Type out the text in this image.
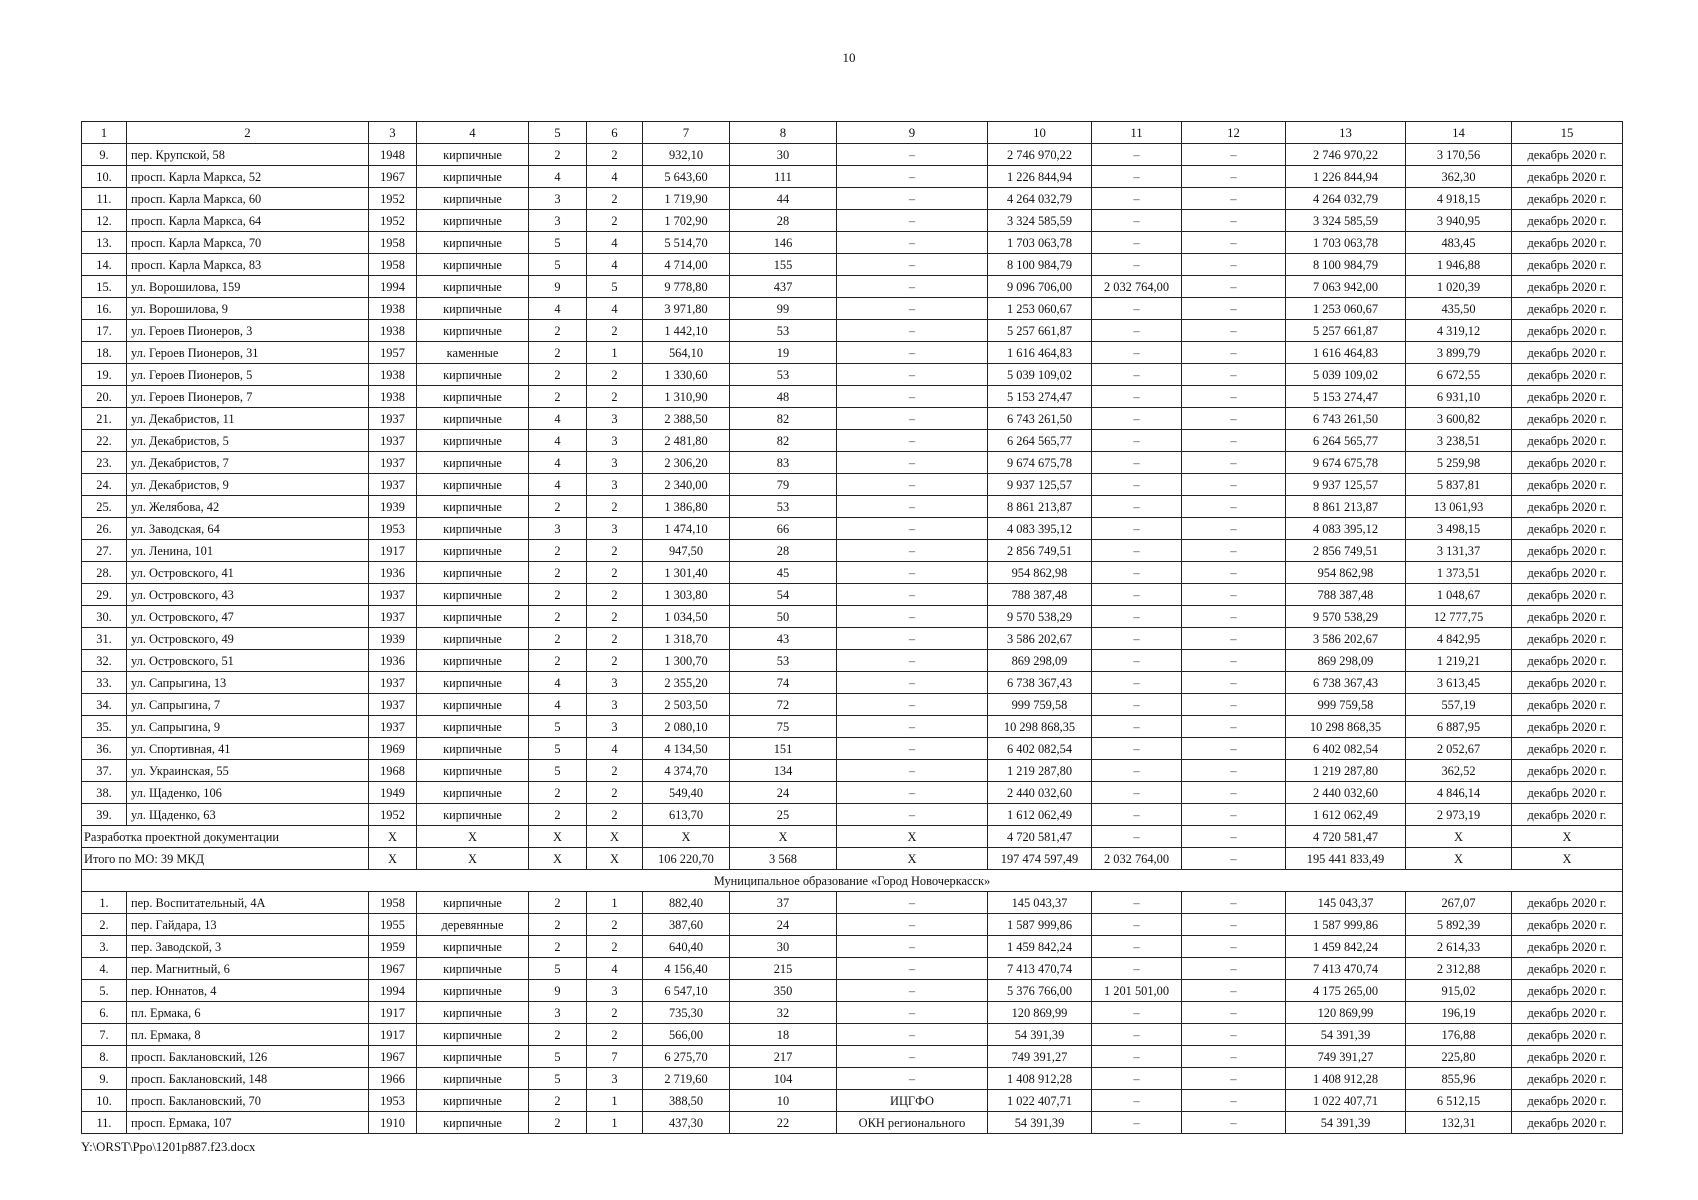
10
1	2	3	4	5	6	7	8	9	10	11	12	13	14	15
9.	пер. Крупской, 58	1948	кирпичные	2	2	932,10	30	–	2 746 970,22	–	–	2 746 970,22	3 170,56	декабрь 2020 г.
10.	просп. Карла Маркса, 52	1967	кирпичные	4	4	5 643,60	111	–	1 226 844,94	–	–	1 226 844,94	362,30	декабрь 2020 г.
11.	просп. Карла Маркса, 60	1952	кирпичные	3	2	1 719,90	44	–	4 264 032,79	–	–	4 264 032,79	4 918,15	декабрь 2020 г.
12.	просп. Карла Маркса, 64	1952	кирпичные	3	2	1 702,90	28	–	3 324 585,59	–	–	3 324 585,59	3 940,95	декабрь 2020 г.
13.	просп. Карла Маркса, 70	1958	кирпичные	5	4	5 514,70	146	–	1 703 063,78	–	–	1 703 063,78	483,45	декабрь 2020 г.
14.	просп. Карла Маркса, 83	1958	кирпичные	5	4	4 714,00	155	–	8 100 984,79	–	–	8 100 984,79	1 946,88	декабрь 2020 г.
15.	ул. Ворошилова, 159	1994	кирпичные	9	5	9 778,80	437	–	9 096 706,00	2 032 764,00	–	7 063 942,00	1 020,39	декабрь 2020 г.
16.	ул. Ворошилова, 9	1938	кирпичные	4	4	3 971,80	99	–	1 253 060,67	–	–	1 253 060,67	435,50	декабрь 2020 г.
17.	ул. Героев Пионеров, 3	1938	кирпичные	2	2	1 442,10	53	–	5 257 661,87	–	–	5 257 661,87	4 319,12	декабрь 2020 г.
18.	ул. Героев Пионеров, 31	1957	каменные	2	1	564,10	19	–	1 616 464,83	–	–	1 616 464,83	3 899,79	декабрь 2020 г.
19.	ул. Героев Пионеров, 5	1938	кирпичные	2	2	1 330,60	53	–	5 039 109,02	–	–	5 039 109,02	6 672,55	декабрь 2020 г.
20.	ул. Героев Пионеров, 7	1938	кирпичные	2	2	1 310,90	48	–	5 153 274,47	–	–	5 153 274,47	6 931,10	декабрь 2020 г.
21.	ул. Декабристов, 11	1937	кирпичные	4	3	2 388,50	82	–	6 743 261,50	–	–	6 743 261,50	3 600,82	декабрь 2020 г.
22.	ул. Декабристов, 5	1937	кирпичные	4	3	2 481,80	82	–	6 264 565,77	–	–	6 264 565,77	3 238,51	декабрь 2020 г.
23.	ул. Декабристов, 7	1937	кирпичные	4	3	2 306,20	83	–	9 674 675,78	–	–	9 674 675,78	5 259,98	декабрь 2020 г.
24.	ул. Декабристов, 9	1937	кирпичные	4	3	2 340,00	79	–	9 937 125,57	–	–	9 937 125,57	5 837,81	декабрь 2020 г.
25.	ул. Желябова, 42	1939	кирпичные	2	2	1 386,80	53	–	8 861 213,87	–	–	8 861 213,87	13 061,93	декабрь 2020 г.
26.	ул. Заводская, 64	1953	кирпичные	3	3	1 474,10	66	–	4 083 395,12	–	–	4 083 395,12	3 498,15	декабрь 2020 г.
27.	ул. Ленина, 101	1917	кирпичные	2	2	947,50	28	–	2 856 749,51	–	–	2 856 749,51	3 131,37	декабрь 2020 г.
28.	ул. Островского, 41	1936	кирпичные	2	2	1 301,40	45	–	954 862,98	–	–	954 862,98	1 373,51	декабрь 2020 г.
29.	ул. Островского, 43	1937	кирпичные	2	2	1 303,80	54	–	788 387,48	–	–	788 387,48	1 048,67	декабрь 2020 г.
30.	ул. Островского, 47	1937	кирпичные	2	2	1 034,50	50	–	9 570 538,29	–	–	9 570 538,29	12 777,75	декабрь 2020 г.
31.	ул. Островского, 49	1939	кирпичные	2	2	1 318,70	43	–	3 586 202,67	–	–	3 586 202,67	4 842,95	декабрь 2020 г.
32.	ул. Островского, 51	1936	кирпичные	2	2	1 300,70	53	–	869 298,09	–	–	869 298,09	1 219,21	декабрь 2020 г.
33.	ул. Сапрыгина, 13	1937	кирпичные	4	3	2 355,20	74	–	6 738 367,43	–	–	6 738 367,43	3 613,45	декабрь 2020 г.
34.	ул. Сапрыгина, 7	1937	кирпичные	4	3	2 503,50	72	–	999 759,58	–	–	999 759,58	557,19	декабрь 2020 г.
35.	ул. Сапрыгина, 9	1937	кирпичные	5	3	2 080,10	75	–	10 298 868,35	–	–	10 298 868,35	6 887,95	декабрь 2020 г.
36.	ул. Спортивная, 41	1969	кирпичные	5	4	4 134,50	151	–	6 402 082,54	–	–	6 402 082,54	2 052,67	декабрь 2020 г.
37.	ул. Украинская, 55	1968	кирпичные	5	2	4 374,70	134	–	1 219 287,80	–	–	1 219 287,80	362,52	декабрь 2020 г.
38.	ул. Щаденко, 106	1949	кирпичные	2	2	549,40	24	–	2 440 032,60	–	–	2 440 032,60	4 846,14	декабрь 2020 г.
39.	ул. Щаденко, 63	1952	кирпичные	2	2	613,70	25	–	1 612 062,49	–	–	1 612 062,49	2 973,19	декабрь 2020 г.
Разработка проектной документации		X	X	X	X	X	X	X	4 720 581,47	–	–	4 720 581,47	X	X
Итого по МО: 39 МКД		X	X	X	X	106 220,70	3 568	X	197 474 597,49	2 032 764,00	–	195 441 833,49	X	X
Муниципальное образование «Город Новочеркасск»														
1.	пер. Воспитательный, 4А	1958	кирпичные	2	1	882,40	37	–	145 043,37	–	–	145 043,37	267,07	декабрь 2020 г.
2.	пер. Гайдара, 13	1955	деревянные	2	2	387,60	24	–	1 587 999,86	–	–	1 587 999,86	5 892,39	декабрь 2020 г.
3.	пер. Заводской, 3	1959	кирпичные	2	2	640,40	30	–	1 459 842,24	–	–	1 459 842,24	2 614,33	декабрь 2020 г.
4.	пер. Магнитный, 6	1967	кирпичные	5	4	4 156,40	215	–	7 413 470,74	–	–	7 413 470,74	2 312,88	декабрь 2020 г.
5.	пер. Юннатов, 4	1994	кирпичные	9	3	6 547,10	350	–	5 376 766,00	1 201 501,00	–	4 175 265,00	915,02	декабрь 2020 г.
6.	пл. Ермака, 6	1917	кирпичные	3	2	735,30	32	–	120 869,99	–	–	120 869,99	196,19	декабрь 2020 г.
7.	пл. Ермака, 8	1917	кирпичные	2	2	566,00	18	–	54 391,39	–	–	54 391,39	176,88	декабрь 2020 г.
8.	просп. Баклановский, 126	1967	кирпичные	5	7	6 275,70	217	–	749 391,27	–	–	749 391,27	225,80	декабрь 2020 г.
9.	просп. Баклановский, 148	1966	кирпичные	5	3	2 719,60	104	–	1 408 912,28	–	–	1 408 912,28	855,96	декабрь 2020 г.
10.	просп. Баклановский, 70	1953	кирпичные	2	1	388,50	10	ИЦГФО	1 022 407,71	–	–	1 022 407,71	6 512,15	декабрь 2020 г.
11.	просп. Ермака, 107	1910	кирпичные	2	1	437,30	22	ОКН регионального	54 391,39	–	–	54 391,39	132,31	декабрь 2020 г.
Y:\ORST\Ppo\1201p887.f23.docx
